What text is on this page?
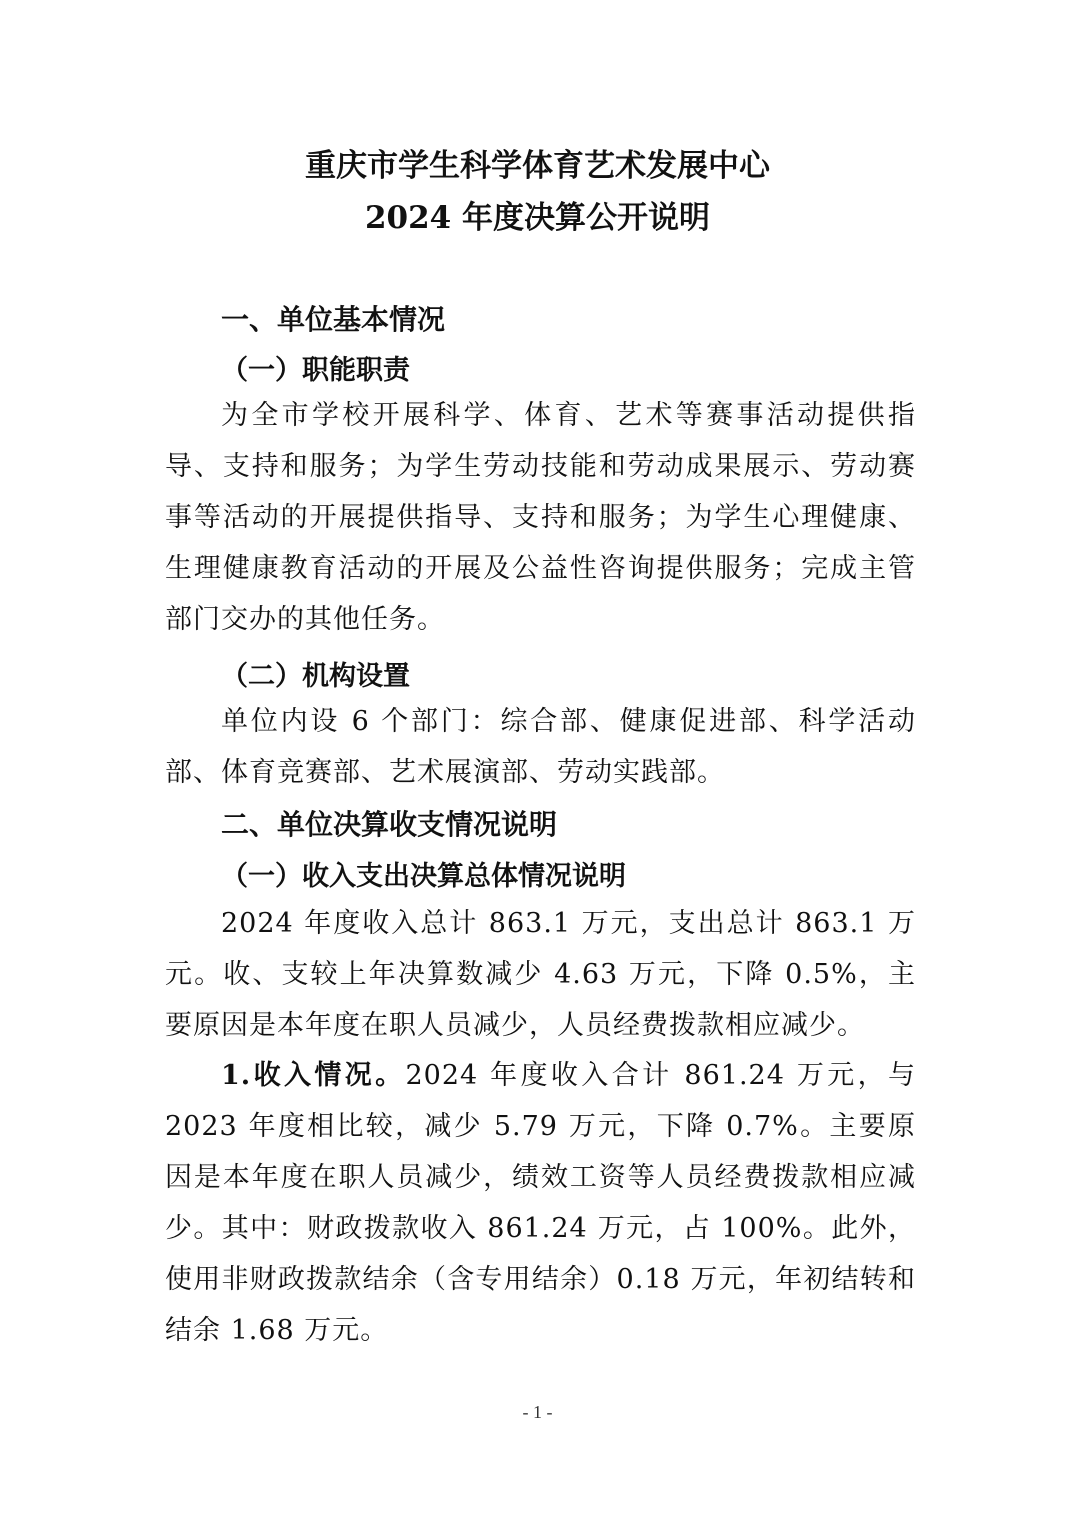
重庆市学生科学体育艺术发展中心
2024 年度决算公开说明
一、单位基本情况
（一）职能职责
为全市学校开展科学、体育、艺术等赛事活动提供指导、支持和服务；为学生劳动技能和劳动成果展示、劳动赛事等活动的开展提供指导、支持和服务；为学生心理健康、生理健康教育活动的开展及公益性咨询提供服务；完成主管部门交办的其他任务。
（二）机构设置
单位内设 6 个部门：综合部、健康促进部、科学活动部、体育竞赛部、艺术展演部、劳动实践部。
二、单位决算收支情况说明
（一）收入支出决算总体情况说明
2024 年度收入总计 863.1 万元，支出总计 863.1 万元。收、支较上年决算数减少 4.63 万元，下降 0.5%，主要原因是本年度在职人员减少，人员经费拨款相应减少。
1.收入情况。2024 年度收入合计 861.24 万元，与 2023 年度相比较，减少 5.79 万元，下降 0.7%。主要原因是本年度在职人员减少，绩效工资等人员经费拨款相应减少。其中：财政拨款收入 861.24 万元，占 100%。此外，使用非财政拨款结余（含专用结余）0.18 万元，年初结转和结余 1.68 万元。
- 1 -
